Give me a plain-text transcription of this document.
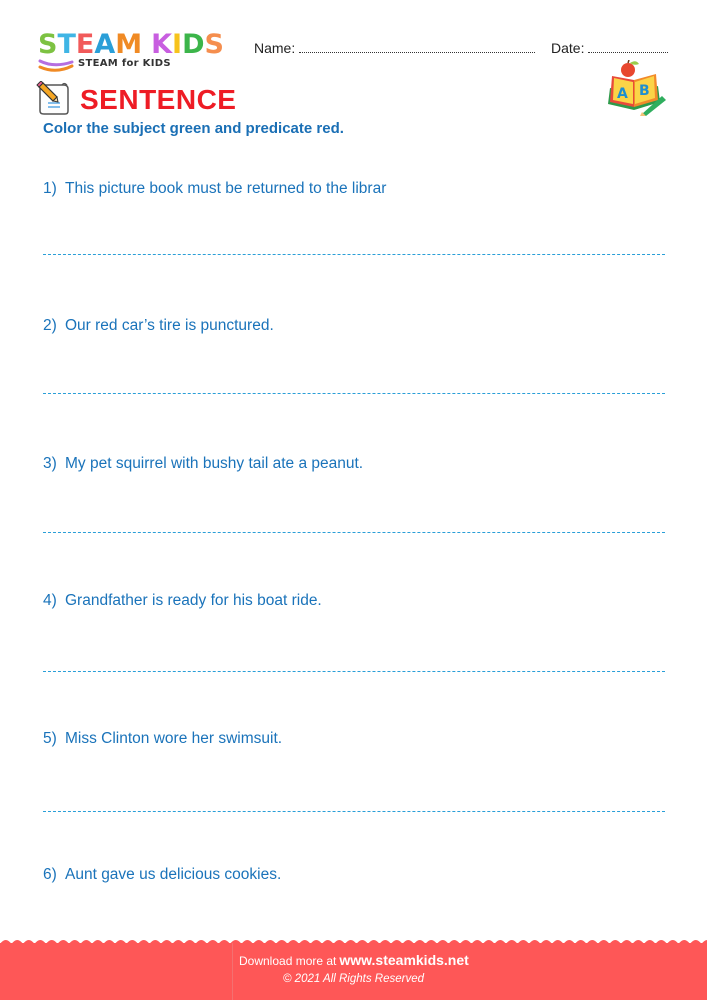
STEAM KIDS
STEAM for KIDS
Name:	Date:
A B
SENTENCE
Color the subject green and predicate red.
1) This picture book must be returned to the librar
2) Our red car’s tire is punctured.
3) My pet squirrel with bushy tail ate a peanut.
4) Grandfather is ready for his boat ride.
5) Miss Clinton wore her swimsuit.
6) Aunt gave us delicious cookies.
Download more at www.steamkids.net
© 2021 All Rights Reserved
